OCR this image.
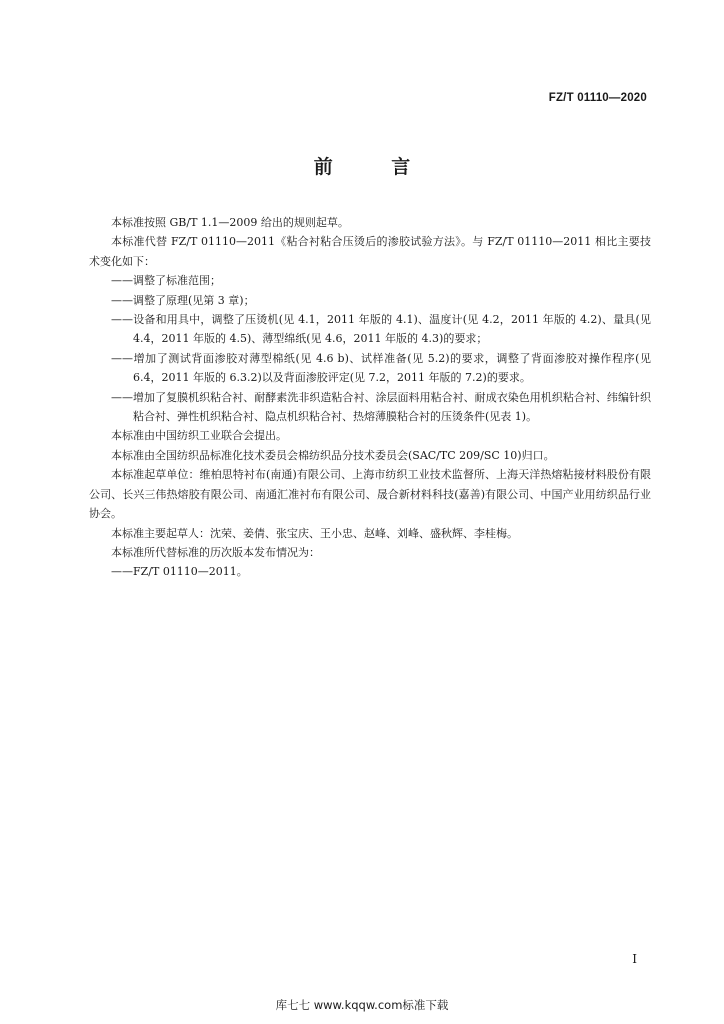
FZ/T 01110—2020
前 言

本标准按照 GB/T 1.1—2009 给出的规则起草。

本标准代替 FZ/T 01110—2011《粘合衬粘合压烫后的渗胶试验方法》。与 FZ/T 01110—2011 相比主要技术变化如下：

——调整了标准范围；

——调整了原理(见第 3 章)；

——设备和用具中，调整了压烫机(见 4.1，2011 年版的 4.1)、温度计(见 4.2，2011 年版的 4.2)、量具(见 4.4，2011 年版的 4.5)、薄型绵纸(见 4.6，2011 年版的 4.3)的要求；

——增加了测试背面渗胶对薄型棉纸(见 4.6 b)、试样准备(见 5.2)的要求，调整了背面渗胶对操作程序(见 6.4，2011 年版的 6.3.2)以及背面渗胶评定(见 7.2，2011 年版的 7.2)的要求。

——增加了复膜机织粘合衬、耐酵素洗非织造粘合衬、涂层面料用粘合衬、耐成衣染色用机织粘合衬、纬编针织粘合衬、弹性机织粘合衬、隐点机织粘合衬、热熔薄膜粘合衬的压烫条件(见表 1)。

本标准由中国纺织工业联合会提出。

本标准由全国纺织品标准化技术委员会棉纺织品分技术委员会(SAC/TC 209/SC 10)归口。

本标准起草单位：维柏思特衬布(南通)有限公司、上海市纺织工业技术监督所、上海天洋热熔粘接材料股份有限公司、长兴三伟热熔胶有限公司、南通汇准衬布有限公司、晟合新材料科技(嘉善)有限公司、中国产业用纺织品行业协会。

本标准主要起草人：沈荣、姜倩、张宝庆、王小忠、赵峰、刘峰、盛秋辉、李桂梅。

本标准所代替标准的历次版本发布情况为：

——FZ/T 01110—2011。

I
库七七 www.kqqw.com标准下载
